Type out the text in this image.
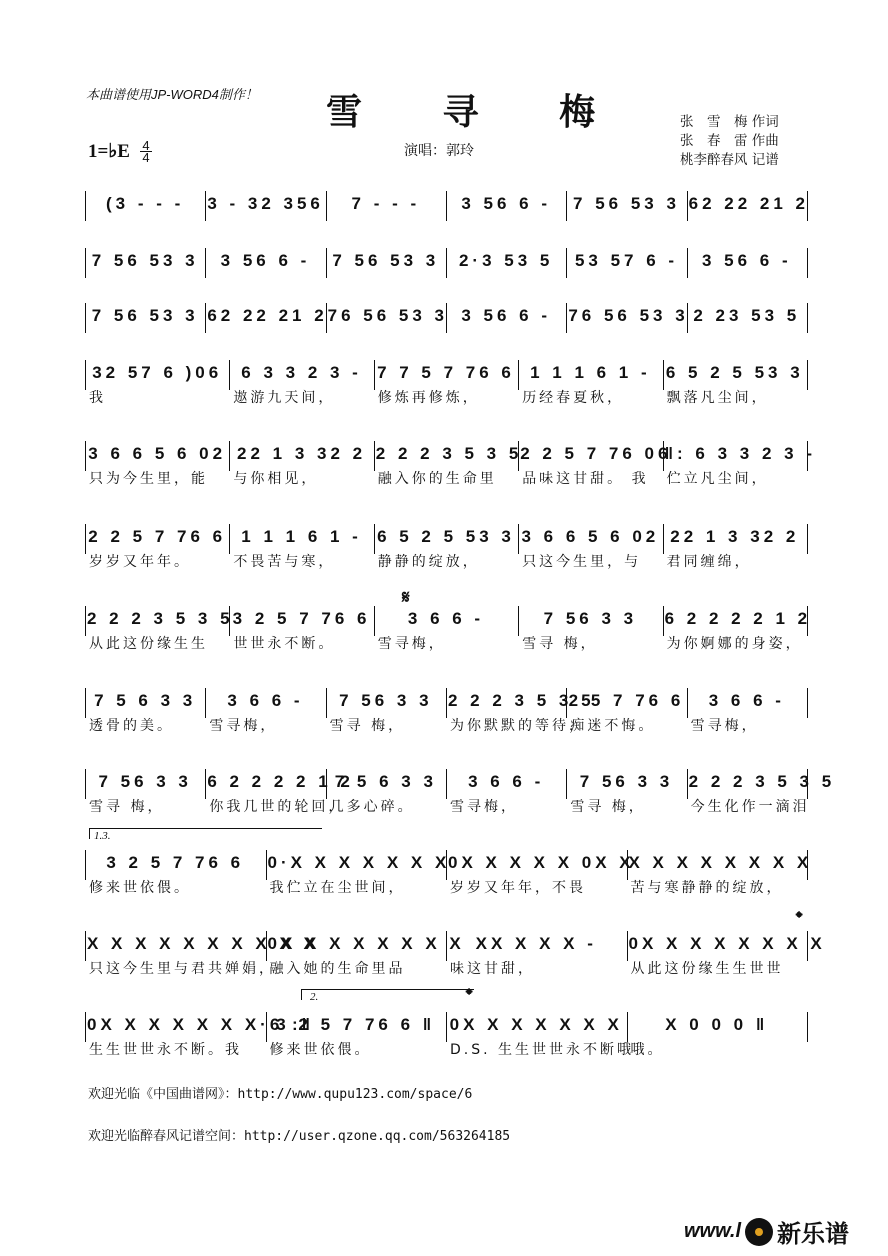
本曲谱使用JP-WORD4制作！ 雪 寻 梅	张　雪　梅 作词
张　春　雷 作曲
桃李醉春风 记谱
1=♭E 4
4	演唱：郭玲
(3 - - -	3 - 32 356	7 - - -	3 56 6 -	7 56 53 3 62 22 21 2
7 56 53 3	3 56 6 -	7 56 53 3	2·3 53 5	53 57 6 -	3 56 6 -
7 56 53 3 62 22 21 2 76 56 53 3 3 56 6 -	76 56 53 3 2 23 53 5
32 57 6 )06
我
6 3 3 2 3 -
遨游九天间，
7 7 5 7 76 6
修炼再修炼，
1 1 1 6 1 -
历经春夏秋，
6 5 2 5 53 3
飘落凡尘间，
3 6 6 5 6 02
只为今生里，能
22 1 3 32 2
与你相见，
2 2 2 3 5 3 5
融入你的生命里
2 2 5 7 76 06
品味这甘甜。 我
‖: 6 3 3 2 3 -
伫立凡尘间，
2 2 5 7 76 6
岁岁又年年。
1 1 1 6 1 -
不畏苦与寒，
6 5 2 5 53 3
静静的绽放，
3 6 6 5 6 02
只这今生里，与
22 1 3 32 2
君同缠绵，
2 2 2 3 5 3 5
从此这份缘生生
3 2 5 7 76 6
世世永不断。
3 6 6 -
雪寻梅，
7 56 3 3
雪寻 梅，
6 2 2 2 2 1 2
为你婀娜的身姿，
7 5 6 3 3
透骨的美。
3 6 6 -
雪寻梅，
7 56 3 3
雪寻 梅，
2 2 2 3 5 3 5
为你默默的等待，
2 5 7 76 6
痴迷不悔。
3 6 6 -
雪寻梅，
7 56 3 3
雪寻 梅，
6 2 2 2 2 1 2
你我几世的轮回，
7 5 6 3 3
几多心碎。
3 6 6 -
雪寻梅，
7 56 3 3
雪寻 梅，
2 2 2 3 5 3 5
今生化作一滴泪
3 2 5 7 76 6
修来世依偎。
0·X X X X X X X
我伫立在尘世间，
0X X X X X 0X X
岁岁又年年，不畏
X X X X X X X X
苦与寒静静的绽放，
X X X X X X X X X X
只这今生里与君共婵娟，
0X X X X X X X X
融入她的生命里品
XX X X X -
味这甘甜，
0X X X X X X X X
从此这份缘生生世世
0X X X X X X X·6 :‖
生生世世永不断。我
3 2 5 7 76 6 ‖
修来世依偎。
0X X X X X X X
D.S. 生生世世永不断哦
X 0 0 0 ‖
哦。
1.3.
2.
𝄋
𝄌
𝄌
欢迎光临《中国曲谱网》：http://www.qupu123.com/space/6
欢迎光临醉春风记谱空间：http://user.qzone.qq.com/563264185
www.l 新乐谱
